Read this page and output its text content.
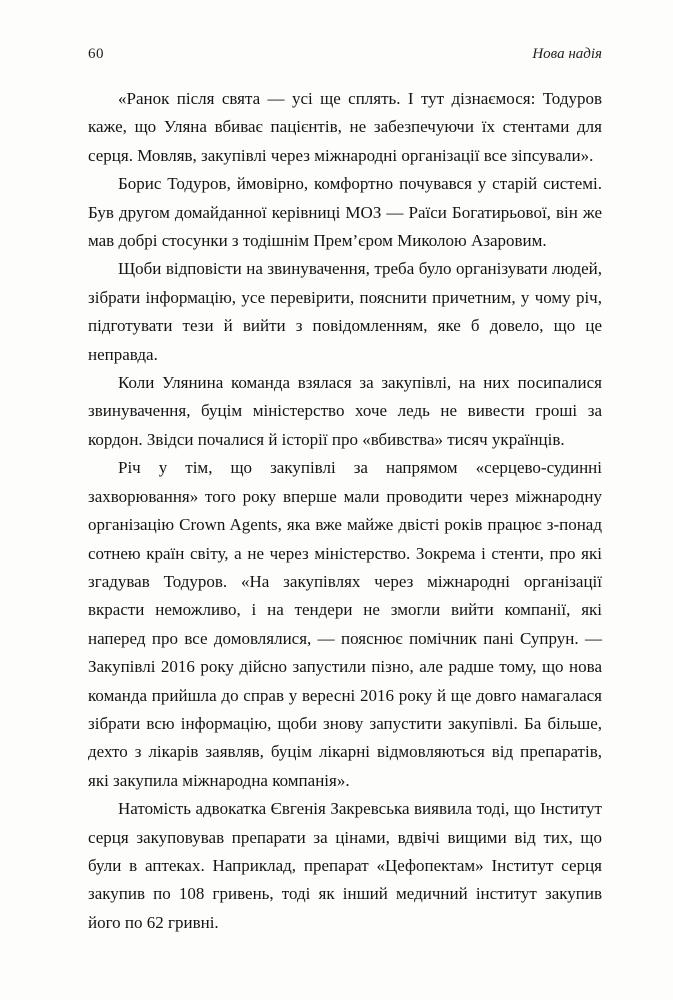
60	Нова надія

«Ранок після свята — усі ще сплять. І тут дізнаємося: Тодуров каже, що Уляна вбиває пацієнтів, не забезпечуючи їх стентами для серця. Мовляв, закупівлі через міжнародні організації все зіпсували».

Борис Тодуров, ймовірно, комфортно почувався у старій системі. Був другом домайданної керівниці МОЗ — Раїси Богатирьової, він же мав добрі стосунки з тодішнім Прем’єром Миколою Азаровим.

Щоби відповісти на звинувачення, треба було організувати людей, зібрати інформацію, усе перевірити, пояснити причетним, у чому річ, підготувати тези й вийти з повідомленням, яке б довело, що це неправда.

Коли Улянина команда взялася за закупівлі, на них посипалися звинувачення, буцім міністерство хоче ледь не вивести гроші за кордон. Звідси почалися й історії про «вбивства» тисяч українців.

Річ у тім, що закупівлі за напрямом «серцево-судинні захворювання» того року вперше мали проводити через міжнародну організацію Crown Agents, яка вже майже двісті років працює з-понад сотнею країн світу, а не через міністерство. Зокрема і стенти, про які згадував Тодуров. «На закупівлях через міжнародні організації вкрасти неможливо, і на тендери не змогли вийти компанії, які наперед про все домовлялися, — пояснює помічник пані Супрун. — Закупівлі 2016 року дійсно запустили пізно, але радше тому, що нова команда прийшла до справ у вересні 2016 року й ще довго намагалася зібрати всю інформацію, щоби знову запустити закупівлі. Ба більше, дехто з лікарів заявляв, буцім лікарні відмовляються від препаратів, які закупила міжнародна компанія».

Натомість адвокатка Євгенія Закревська виявила тоді, що Інститут серця закуповував препарати за цінами, вдвічі вищими від тих, що були в аптеках. Наприклад, препарат «Цефопектам» Інститут серця закупив по 108 гривень, тоді як інший медичний інститут закупив його по 62 гривні.
